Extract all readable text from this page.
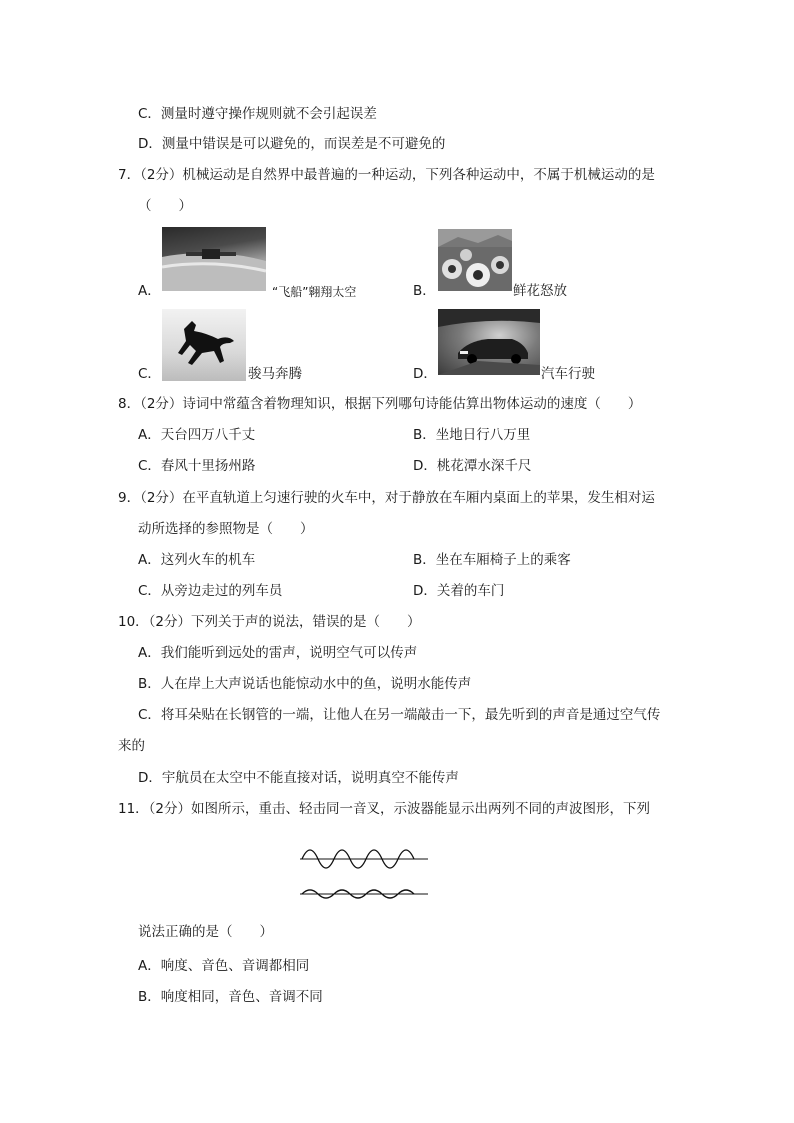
C．测量时遵守操作规则就不会引起误差
D．测量中错误是可以避免的，而误差是不可避免的
7．（2分）机械运动是自然界中最普遍的一种运动，下列各种运动中，不属于机械运动的是
（　　）
A．	“飞船”翱翔太空	B．	鲜花怒放
C．	骏马奔腾	D．	汽车行驶
8．（2分）诗词中常蕴含着物理知识，根据下列哪句诗能估算出物体运动的速度（　　）
A．天台四万八千丈	B．坐地日行八万里
C．春风十里扬州路	D．桃花潭水深千尺
9．（2分）在平直轨道上匀速行驶的火车中，对于静放在车厢内桌面上的苹果，发生相对运
动所选择的参照物是（　　）
A．这列火车的机车	B．坐在车厢椅子上的乘客
C．从旁边走过的列车员	D．关着的车门
10．（2分）下列关于声的说法，错误的是（　　）
A．我们能听到远处的雷声，说明空气可以传声
B．人在岸上大声说话也能惊动水中的鱼，说明水能传声
C．将耳朵贴在长钢管的一端，让他人在另一端敲击一下，最先听到的声音是通过空气传
来的
D．宇航员在太空中不能直接对话，说明真空不能传声
11．（2分）如图所示，重击、轻击同一音叉，示波器能显示出两列不同的声波图形，下列
说法正确的是（　　）
A．响度、音色、音调都相同
B．响度相同，音色、音调不同
